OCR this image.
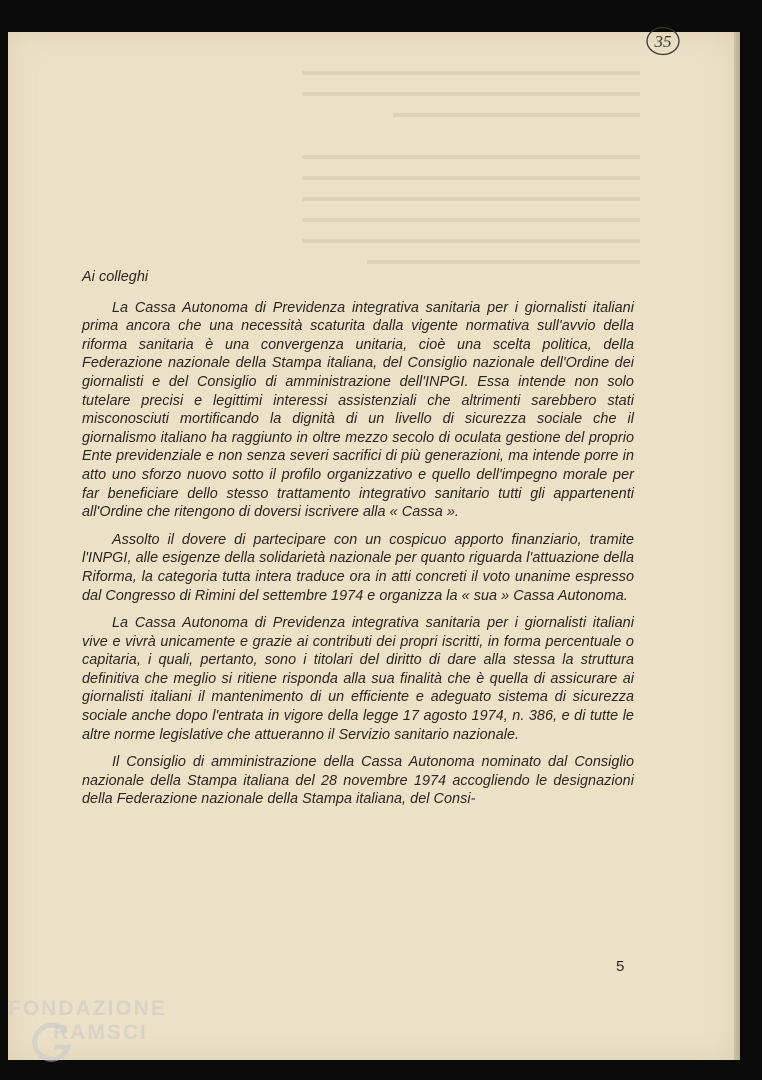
▬▬▬▬▬▬▬▬▬▬▬▬▬▬▬▬▬▬▬▬▬▬▬▬▬▬
▬▬▬▬▬▬▬▬▬▬▬▬▬▬▬▬▬▬▬▬▬▬▬▬▬▬
▬▬▬▬▬▬▬▬▬▬▬▬▬▬▬▬▬▬▬

▬▬▬▬▬▬▬▬▬▬▬▬▬▬▬▬▬▬▬▬▬▬▬▬▬▬
▬▬▬▬▬▬▬▬▬▬▬▬▬▬▬▬▬▬▬▬▬▬▬▬▬▬
▬▬▬▬▬▬▬▬▬▬▬▬▬▬▬▬▬▬▬▬▬▬▬▬▬▬
▬▬▬▬▬▬▬▬▬▬▬▬▬▬▬▬▬▬▬▬▬▬▬▬▬▬
▬▬▬▬▬▬▬▬▬▬▬▬▬▬▬▬▬▬▬▬▬▬▬▬▬▬
▬▬▬▬▬▬▬▬▬▬▬▬▬▬▬▬▬▬▬▬▬
35

Ai colleghi

La Cassa Autonoma di Previdenza integrativa sanitaria per i giornalisti italiani prima ancora che una necessità scaturita dalla vigente normativa sull'avvio della riforma sanitaria è una convergenza unitaria, cioè una scelta politica, della Federazione nazionale della Stampa italiana, del Consiglio nazionale dell'Ordine dei giornalisti e del Consiglio di amministrazione dell'INPGI. Essa intende non solo tutelare precisi e legittimi interessi assistenziali che altrimenti sarebbero stati misconosciuti mortificando la dignità di un livello di sicurezza sociale che il giornalismo italiano ha raggiunto in oltre mezzo secolo di oculata gestione del proprio Ente previdenziale e non senza severi sacrifici di più generazioni, ma intende porre in atto uno sforzo nuovo sotto il profilo organizzativo e quello dell'impegno morale per far beneficiare dello stesso trattamento integrativo sanitario tutti gli appartenenti all'Ordine che ritengono di doversi iscrivere alla « Cassa ».

Assolto il dovere di partecipare con un cospicuo apporto finanziario, tramite l'INPGI, alle esigenze della solidarietà nazionale per quanto riguarda l'attuazione della Riforma, la categoria tutta intera traduce ora in atti concreti il voto unanime espresso dal Congresso di Rimini del settembre 1974 e organizza la « sua » Cassa Autonoma.

La Cassa Autonoma di Previdenza integrativa sanitaria per i giornalisti italiani vive e vivrà unicamente e grazie ai contributi dei propri iscritti, in forma percentuale o capitaria, i quali, pertanto, sono i titolari del diritto di dare alla stessa la struttura definitiva che meglio si ritiene risponda alla sua finalità che è quella di assicurare ai giornalisti italiani il mantenimento di un efficiente e adeguato sistema di sicurezza sociale anche dopo l'entrata in vigore della legge 17 agosto 1974, n. 386, e di tutte le altre norme legislative che attueranno il Servizio sanitario nazionale.

Il Consiglio di amministrazione della Cassa Autonoma nominato dal Consiglio nazionale della Stampa italiana del 28 novembre 1974 accogliendo le designazioni della Federazione nazionale della Stampa italiana, del Consi-

5
FONDAZIONE
RAMSCI
